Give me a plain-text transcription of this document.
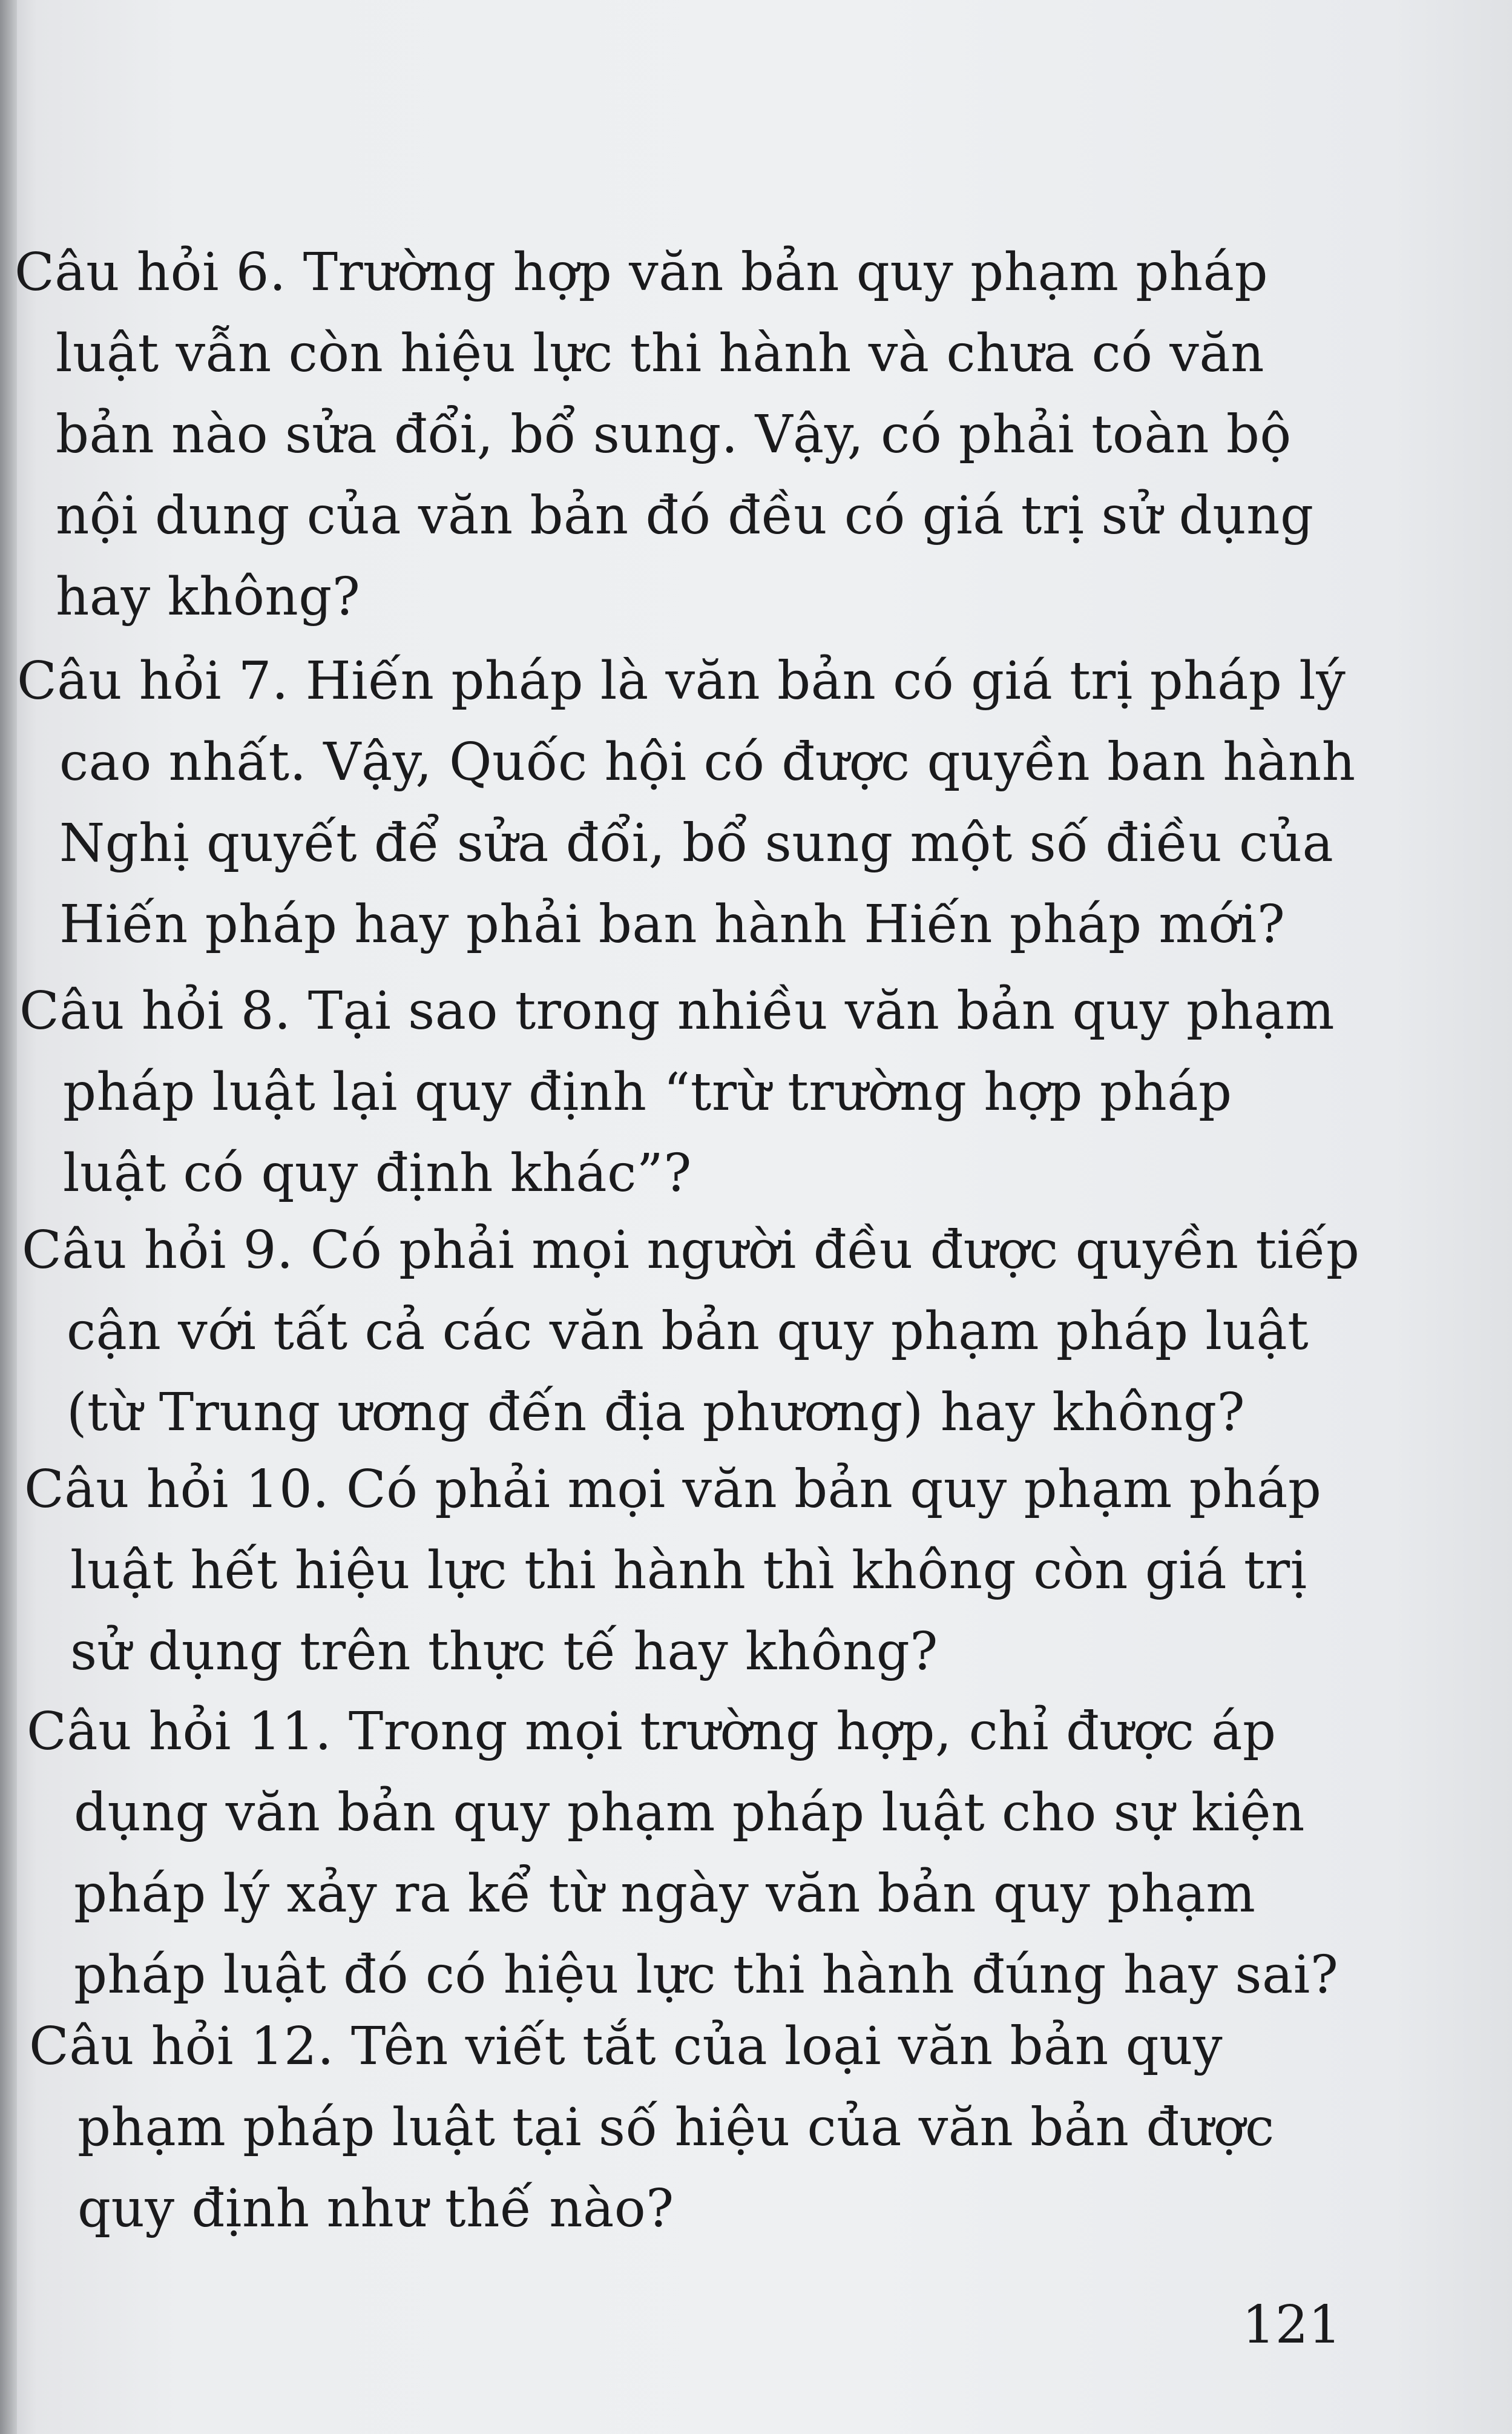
Câu hỏi 6. Trường hợp văn bản quy phạm pháp
luật vẫn còn hiệu lực thi hành và chưa có văn
bản nào sửa đổi, bổ sung. Vậy, có phải toàn bộ
nội dung của văn bản đó đều có giá trị sử dụng
hay không?
Câu hỏi 7. Hiến pháp là văn bản có giá trị pháp lý
cao nhất. Vậy, Quốc hội có được quyền ban hành
Nghị quyết để sửa đổi, bổ sung một số điều của
Hiến pháp hay phải ban hành Hiến pháp mới?
Câu hỏi 8. Tại sao trong nhiều văn bản quy phạm
pháp luật lại quy định “trừ trường hợp pháp
luật có quy định khác”?
Câu hỏi 9. Có phải mọi người đều được quyền tiếp
cận với tất cả các văn bản quy phạm pháp luật
(từ Trung ương đến địa phương) hay không?
Câu hỏi 10. Có phải mọi văn bản quy phạm pháp
luật hết hiệu lực thi hành thì không còn giá trị
sử dụng trên thực tế hay không?
Câu hỏi 11. Trong mọi trường hợp, chỉ được áp
dụng văn bản quy phạm pháp luật cho sự kiện
pháp lý xảy ra kể từ ngày văn bản quy phạm
pháp luật đó có hiệu lực thi hành đúng hay sai?
Câu hỏi 12. Tên viết tắt của loại văn bản quy
phạm pháp luật tại số hiệu của văn bản được
quy định như thế nào?
121
